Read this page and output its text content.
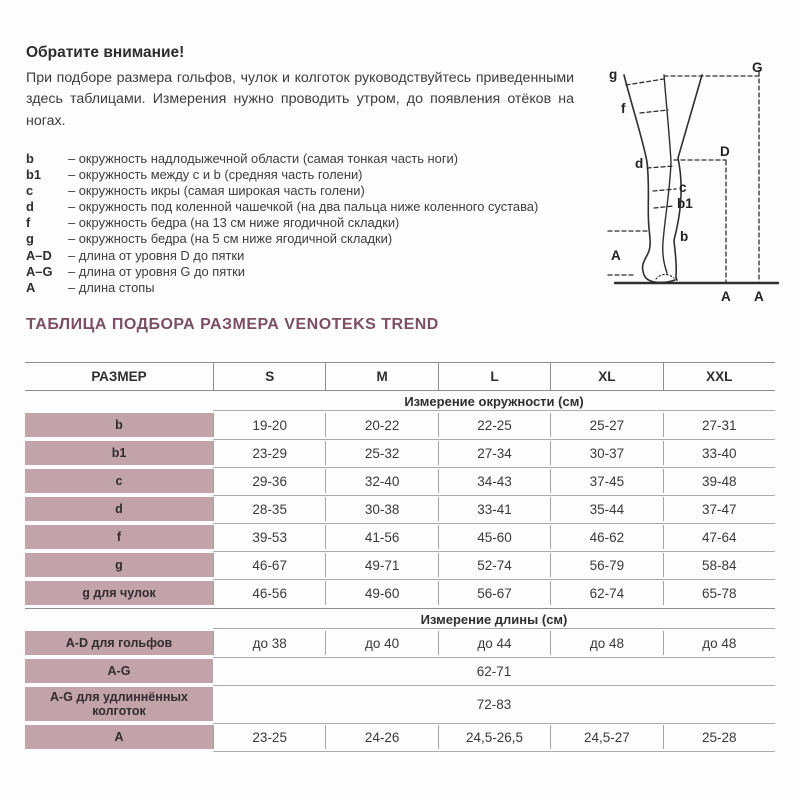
Обратите внимание!
При подборе размера гольфов, чулок и колготок руководствуйтесь приведенными здесь таблицами. Измерения нужно проводить утром, до появления отёков на ногах.
b	– окружность надлодыжечной области (самая тонкая часть ноги)
b1	– окружность между c и b (средняя часть голени)
c	– окружность икры (самая широкая часть голени)
d	– окружность под коленной чашечкой (на два пальца ниже коленного сустава)
f	– окружность бедра (на 13 см ниже ягодичной складки)
g	– окружность бедра (на 5 см ниже ягодичной складки)
A–D	– длина от уровня D до пятки
A–G	– длина от уровня G до пятки
A	– длина стопы
g	G
f
d
D
c
b1
b
A
A A
ТАБЛИЦА ПОДБОРА РАЗМЕРА VENOTEKS TREND
РАЗМЕР	S	M	L	XL	XXL
Измерение окружности (см)
b	19-20	20-22	22-25	25-27	27-31
b1	23-29	25-32	27-34	30-37	33-40
c	29-36	32-40	34-43	37-45	39-48
d	28-35	30-38	33-41	35-44	37-47
f	39-53	41-56	45-60	46-62	47-64
g	46-67	49-71	52-74	56-79	58-84
g для чулок	46-56	49-60	56-67	62-74	65-78
Измерение длины (см)
A-D для гольфов	до 38	до 40	до 44	до 48	до 48
A-G	62-71
A-G для удлиннённых колготок	72-83
A	23-25	24-26	24,5-26,5	24,5-27	25-28
